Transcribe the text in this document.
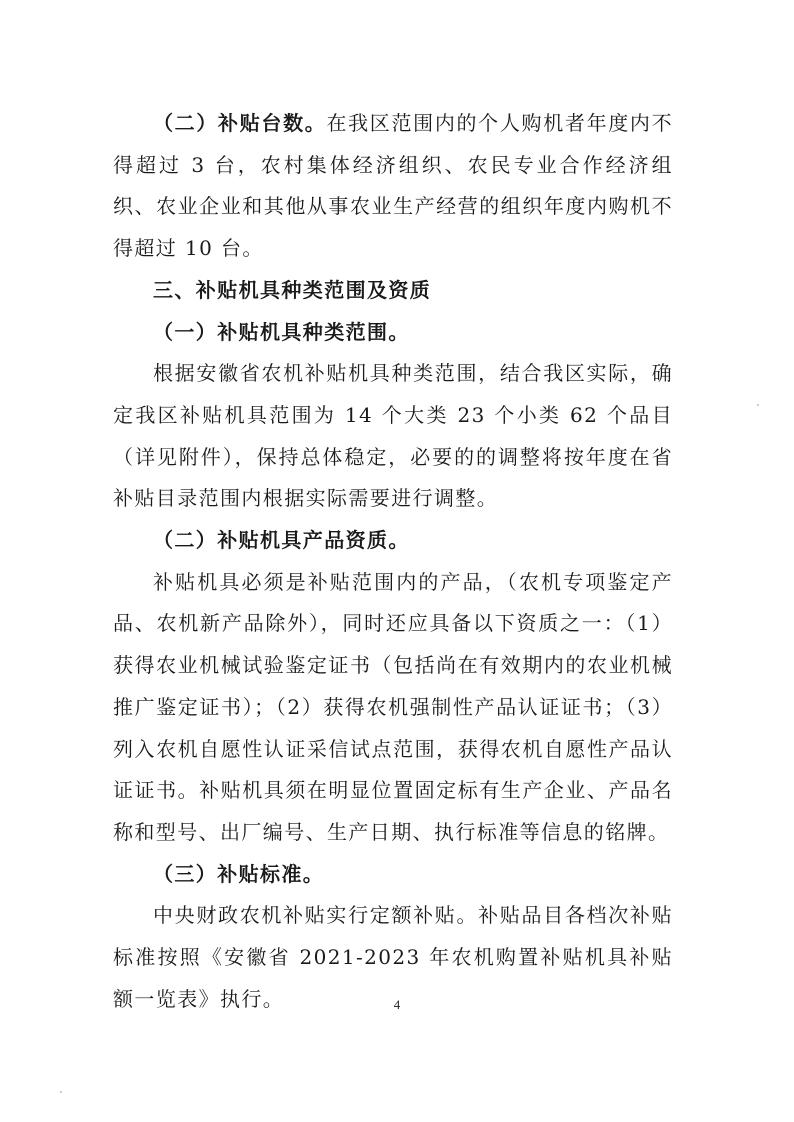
（二）补贴台数。在我区范围内的个人购机者年度内不得超过 3 台，农村集体经济组织、农民专业合作经济组织、农业企业和其他从事农业生产经营的组织年度内购机不得超过 10 台。

三、补贴机具种类范围及资质

（一）补贴机具种类范围。

根据安徽省农机补贴机具种类范围，结合我区实际，确定我区补贴机具范围为 14 个大类 23 个小类 62 个品目（详见附件），保持总体稳定，必要的的调整将按年度在省补贴目录范围内根据实际需要进行调整。

（二）补贴机具产品资质。

补贴机具必须是补贴范围内的产品，（农机专项鉴定产品、农机新产品除外），同时还应具备以下资质之一：（1）获得农业机械试验鉴定证书（包括尚在有效期内的农业机械推广鉴定证书）；（2）获得农机强制性产品认证证书；（3）列入农机自愿性认证采信试点范围，获得农机自愿性产品认证证书。补贴机具须在明显位置固定标有生产企业、产品名称和型号、出厂编号、生产日期、执行标准等信息的铭牌。

（三）补贴标准。

中央财政农机补贴实行定额补贴。补贴品目各档次补贴标准按照《安徽省 2021-2023 年农机购置补贴机具补贴额一览表》执行。	4
